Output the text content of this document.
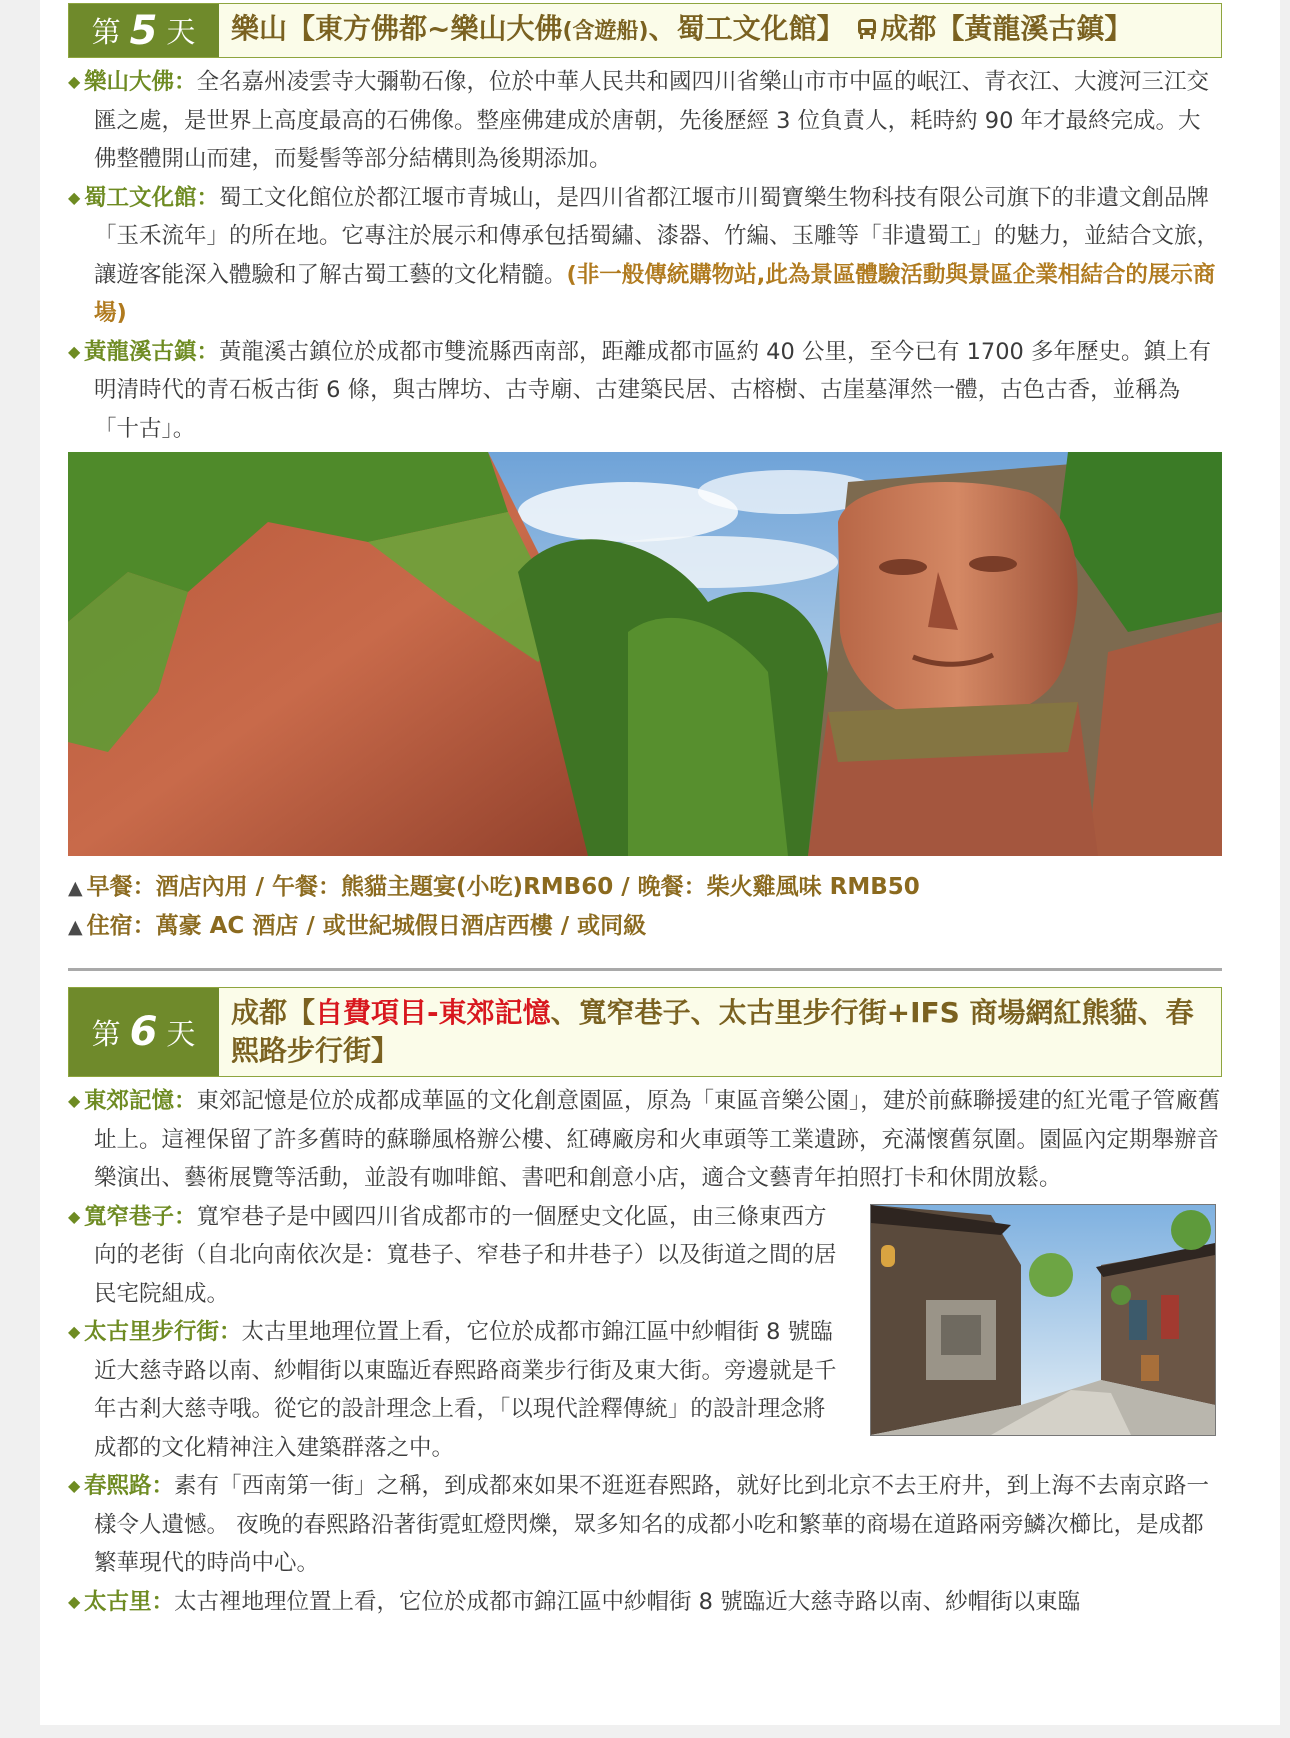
第 5 天	樂山【東方佛都~樂山大佛(含遊船)、蜀工文化館】 成都【黃龍溪古鎮】
◆ 樂山大佛：全名嘉州凌雲寺大彌勒石像，位於中華人民共和國四川省樂山市市中區的岷江、青衣江、大渡河三江交匯之處，是世界上高度最高的石佛像。整座佛建成於唐朝，先後歷經 3 位負責人，耗時約 90 年才最終完成。大佛整體開山而建，而髮髻等部分結構則為後期添加。
◆ 蜀工文化館：蜀工文化館位於都江堰市青城山，是四川省都江堰市川蜀寶樂生物科技有限公司旗下的非遺文創品牌「玉禾流年」的所在地。它專注於展示和傳承包括蜀繡、漆器、竹編、玉雕等「非遺蜀工」的魅力，並結合文旅，讓遊客能深入體驗和了解古蜀工藝的文化精髓。(非一般傳統購物站,此為景區體驗活動與景區企業相結合的展示商場)
◆ 黃龍溪古鎮：黃龍溪古鎮位於成都市雙流縣西南部，距離成都市區約 40 公里，至今已有 1700 多年歷史。鎮上有明清時代的青石板古街 6 條，與古牌坊、古寺廟、古建築民居、古榕樹、古崖墓渾然一體，古色古香，並稱為「十古」。
▲ 早餐：酒店內用 / 午餐：熊貓主題宴(小吃)RMB60 / 晚餐：柴火雞風味 RMB50
▲ 住宿：萬豪 AC 酒店 / 或世紀城假日酒店西樓 / 或同級
第 6 天
成都【自費項目-東郊記憶、寬窄巷子、太古里步行街+IFS 商場網紅熊貓、春熙路步行街】
◆ 東郊記憶：東郊記憶是位於成都成華區的文化創意園區，原為「東區音樂公園」，建於前蘇聯援建的紅光電子管廠舊址上。這裡保留了許多舊時的蘇聯風格辦公樓、紅磚廠房和火車頭等工業遺跡，充滿懷舊氛圍。園區內定期舉辦音樂演出、藝術展覽等活動，並設有咖啡館、書吧和創意小店，適合文藝青年拍照打卡和休閒放鬆。
◆ 寬窄巷子：寬窄巷子是中國四川省成都市的一個歷史文化區，由三條東西方向的老街（自北向南依次是：寬巷子、窄巷子和井巷子）以及街道之間的居民宅院組成。
◆ 太古里步行街：太古里地理位置上看，它位於成都市錦江區中紗帽街 8 號臨近大慈寺路以南、紗帽街以東臨近春熙路商業步行街及東大街。旁邊就是千年古剎大慈寺哦。從它的設計理念上看，「以現代詮釋傳統」的設計理念將成都的文化精神注入建築群落之中。
◆ 春熙路：素有「西南第一街」之稱，到成都來如果不逛逛春熙路，就好比到北京不去王府井，到上海不去南京路一樣令人遺憾。 夜晚的春熙路沿著街霓虹燈閃爍，眾多知名的成都小吃和繁華的商場在道路兩旁鱗次櫛比，是成都繁華現代的時尚中心。
◆ 太古里：太古裡地理位置上看，它位於成都市錦江區中紗帽街 8 號臨近大慈寺路以南、紗帽街以東臨
